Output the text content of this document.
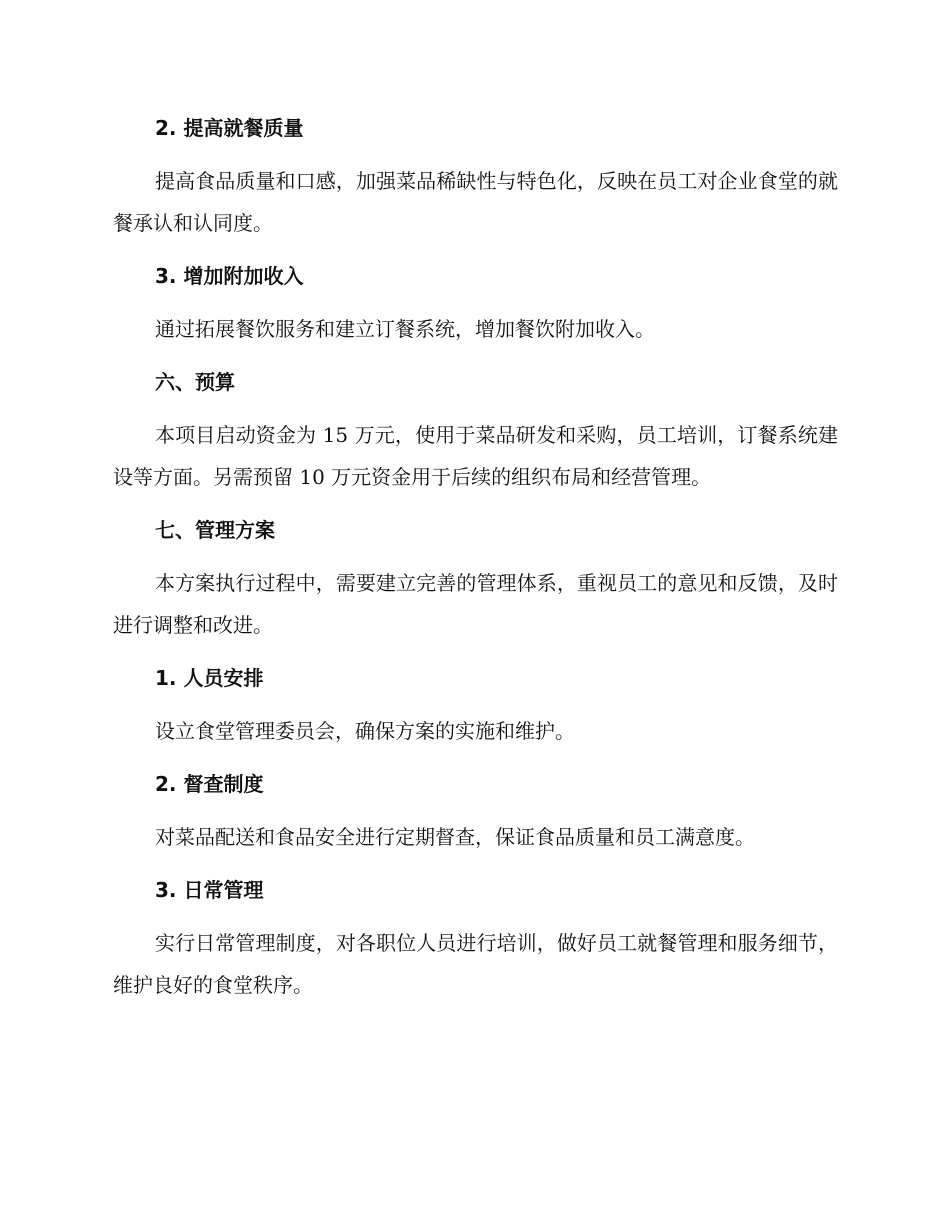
2. 提高就餐质量

提高食品质量和口感，加强菜品稀缺性与特色化，反映在员工对企业食堂的就餐承认和认同度。

3. 增加附加收入

通过拓展餐饮服务和建立订餐系统，增加餐饮附加收入。

六、预算

本项目启动资金为 15 万元，使用于菜品研发和采购，员工培训，订餐系统建设等方面。另需预留 10 万元资金用于后续的组织布局和经营管理。

七、管理方案

本方案执行过程中，需要建立完善的管理体系，重视员工的意见和反馈，及时进行调整和改进。

1. 人员安排

设立食堂管理委员会，确保方案的实施和维护。

2. 督查制度

对菜品配送和食品安全进行定期督查，保证食品质量和员工满意度。

3. 日常管理

实行日常管理制度，对各职位人员进行培训，做好员工就餐管理和服务细节，维护良好的食堂秩序。
